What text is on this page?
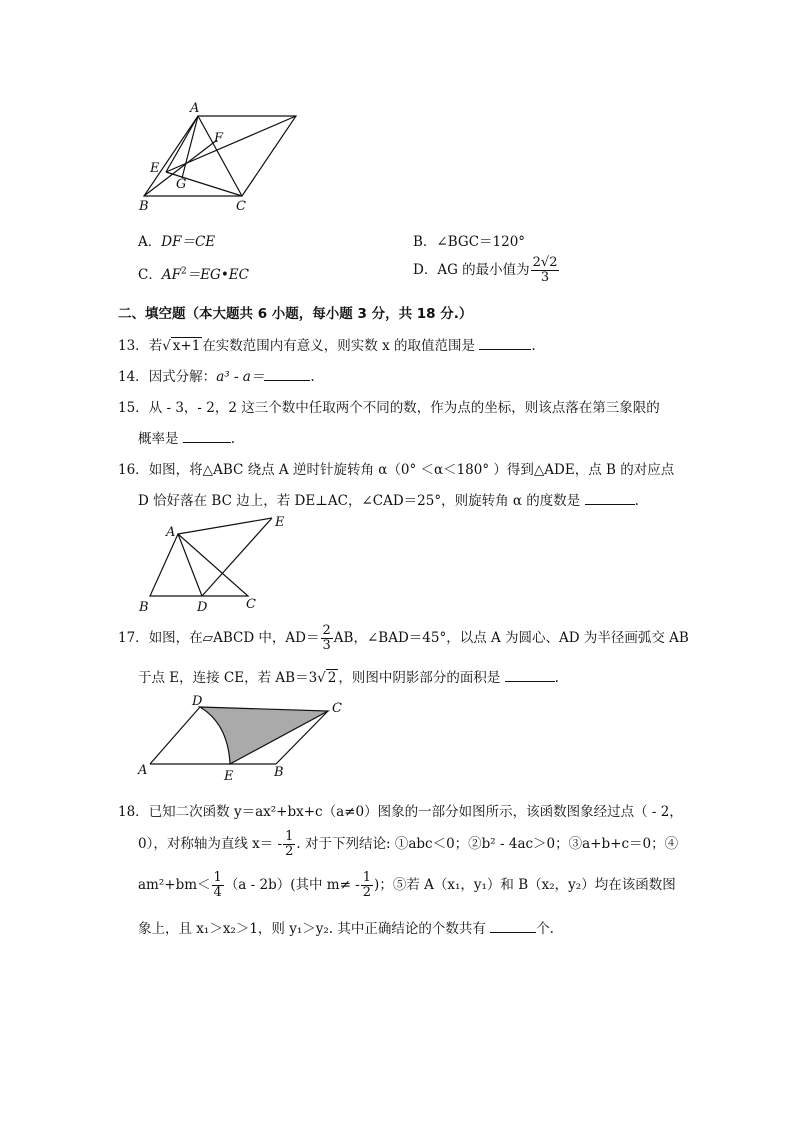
A
F
E
G
B	C
A．DF＝CE	B．∠BGC＝120°
C．$AF^2=EG•EC$	D．AG 的最小值为 $\frac{2√2}{3}$
二、填空题（本大题共 6 小题，每小题 3 分，共 18 分.）
13．若√ x+1 在实数范围内有意义，则实数 x 的取值范围是	.
14．因式分解：a³ - a＝	.
15．从 - 3，- 2，2 这三个数中任取两个不同的数，作为点的坐标，则该点落在第三象限的
概率是	.
16．如图，将△ABC 绕点 A 逆时针旋转角 α（0° ＜α＜180° ）得到△ADE，点 B 的对应点
D 恰好落在 BC 边上，若 DE⊥AC，∠CAD＝25°，则旋转角 α 的度数是	.
A
E
B	D	C
17．如图，在▱ABCD 中，$AD= \frac{2}{3}$ AB，∠BAD＝45°，以点 A 为圆心、AD 为半径画弧交 AB
于点 E，连接 CE，若 AB＝3√ 2 ，则图中阴影部分的面积是	.
D	C
A	E	B
18．已知二次函数 y＝ax²+bx+c（a≠0）图象的一部分如图所示，该函数图象经过点（ - 2，
0），对称轴为直线 $x= - \frac{1}{2}$ . 对于下列结论: ①abc＜0；②b² - 4ac＞0；③a+b+c＝0；④
$am^2+bm< \frac{1}{4} (a - 2b)$(其中 $m\ne - \frac{1}{2}$ )；⑤若 A（x₁，y₁）和 B（x₂，y₂）均在该函数图
象上，且 x₁＞x₂＞1，则 y₁＞y₂. 其中正确结论的个数共有	个.
